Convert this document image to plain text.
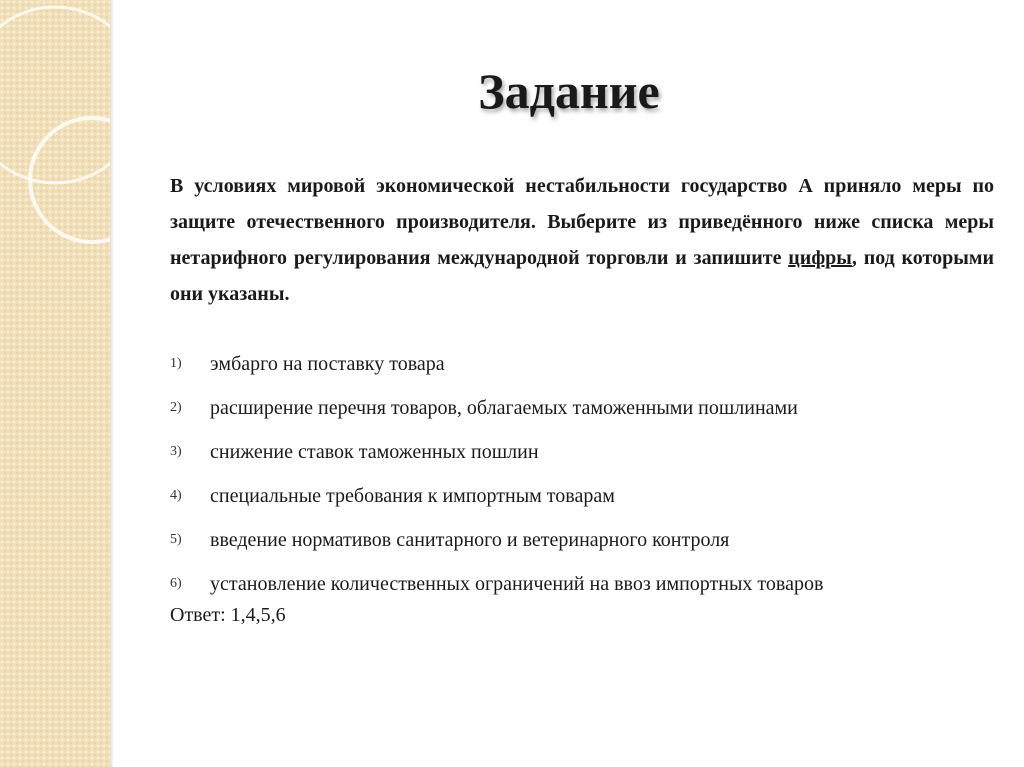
Задание
В условиях мировой экономической нестабильности государство А приняло меры по защите отечественного производителя. Выберите из приведённого ниже списка меры нетарифного регулирования международной торговли и запишите цифры, под которыми они указаны.
1)	эмбарго на поставку товара
2)	расширение перечня товаров, облагаемых таможенными пошлинами
3)	снижение ставок таможенных пошлин
4)	специальные требования к импортным товарам
5)	введение нормативов санитарного и ветеринарного контроля
6)	установление количественных ограничений на ввоз импортных товаров
Ответ: 1,4,5,6
